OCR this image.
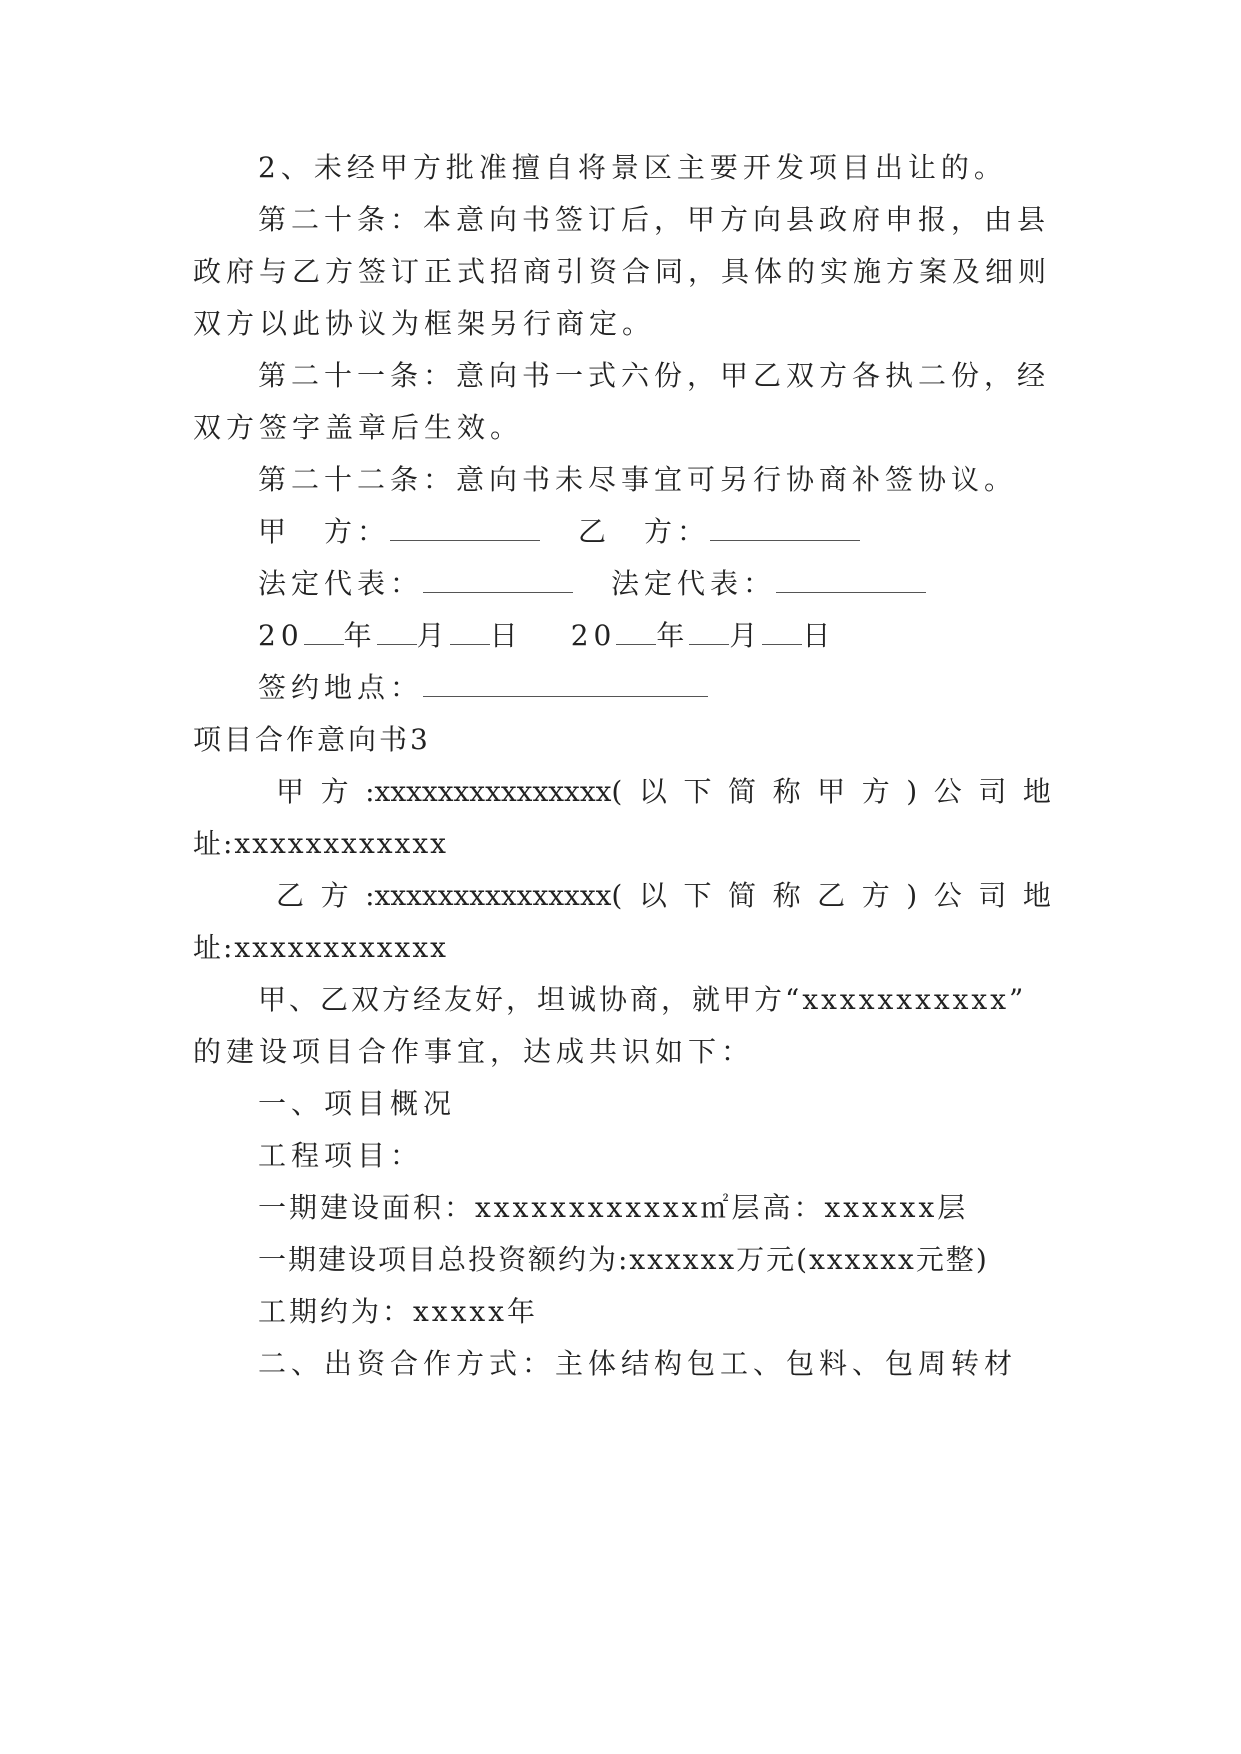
2、未经甲方批准擅自将景区主要开发项目出让的。
第二十条：本意向书签订后，甲方向县政府申报，由县
政府与乙方签订正式招商引资合同，具体的实施方案及细则
双方以此协议为框架另行商定。
第二十一条：意向书一式六份，甲乙双方各执二份，经
双方签字盖章后生效。
第二十二条：意向书未尽事宜可另行协商补签协议。
甲　方：	乙　方：
法定代表：	法定代表：
20 年 月 日 20 年 月 日
签约地点：
项目合作意向书3
甲 方 :xxxxxxxxxxxxxxx( 以 下 简 称 甲 方 ) 公 司 地
址:xxxxxxxxxxxx
乙 方 :xxxxxxxxxxxxxxx( 以 下 简 称 乙 方 ) 公 司 地
址:xxxxxxxxxxxx
甲、乙双方经友好，坦诚协商，就甲方“xxxxxxxxxxx”
的建设项目合作事宜，达成共识如下：
一、项目概况
工程项目：
一期建设面积：xxxxxxxxxxxx㎡层高：xxxxxx层
一期建设项目总投资额约为:xxxxxx万元(xxxxxx元整)
工期约为：xxxxx年
二、出资合作方式：主体结构包工、包料、包周转材
